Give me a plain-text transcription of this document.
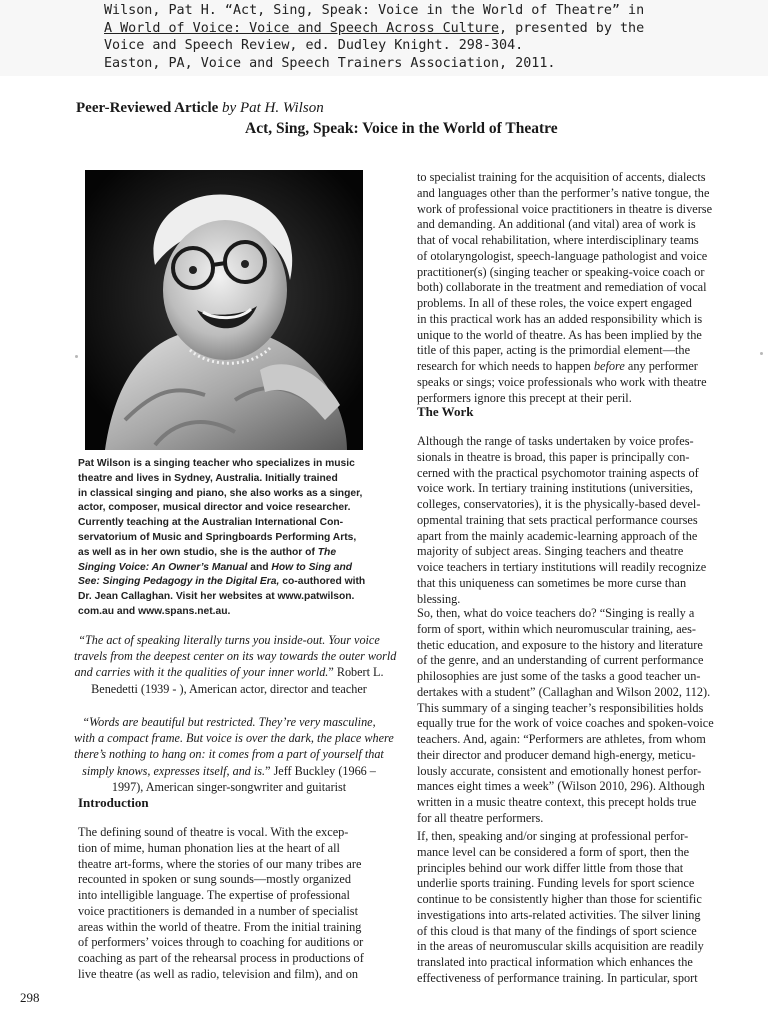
Wilson, Pat H. “Act, Sing, Speak: Voice in the World of Theatre” in
A World of Voice: Voice and Speech Across Culture, presented by the
Voice and Speech Review, ed. Dudley Knight. 298-304.
Easton, PA, Voice and Speech Trainers Association, 2011.
Peer-Reviewed Article by Pat H. Wilson
Act, Sing, Speak: Voice in the World of Theatre
Pat Wilson is a singing teacher who specializes in music
theatre and lives in Sydney, Australia. Initially trained
in classical singing and piano, she also works as a singer,
actor, composer, musical director and voice researcher.
Currently teaching at the Australian International Con-
servatorium of Music and Springboards Performing Arts,
as well as in her own studio, she is the author of The
Singing Voice: An Owner’s Manual and How to Sing and
See: Singing Pedagogy in the Digital Era, co-authored with
Dr. Jean Callaghan. Visit her websites at www.patwilson.
com.au and www.spans.net.au.
“The act of speaking literally turns you inside-out. Your voice
travels from the deepest center on its way towards the outer world
and carries with it the qualities of your inner world.” Robert L.
Benedetti (1939 - ), American actor, director and teacher
“Words are beautiful but restricted. They’re very masculine,
with a compact frame. But voice is over the dark, the place where
there’s nothing to hang on: it comes from a part of yourself that
simply knows, expresses itself, and is.” Jeff Buckley (1966 –
1997), American singer-songwriter and guitarist
Introduction
The defining sound of theatre is vocal. With the excep-
tion of mime, human phonation lies at the heart of all
theatre art-forms, where the stories of our many tribes are
recounted in spoken or sung sounds—mostly organized
into intelligible language. The expertise of professional
voice practitioners is demanded in a number of specialist
areas within the world of theatre. From the initial training
of performers’ voices through to coaching for auditions or
coaching as part of the rehearsal process in productions of
live theatre (as well as radio, television and film), and on
to specialist training for the acquisition of accents, dialects
and languages other than the performer’s native tongue, the
work of professional voice practitioners in theatre is diverse
and demanding. An additional (and vital) area of work is
that of vocal rehabilitation, where interdisciplinary teams
of otolaryngologist, speech-language pathologist and voice
practitioner(s) (singing teacher or speaking-voice coach or
both) collaborate in the treatment and remediation of vocal
problems. In all of these roles, the voice expert engaged
in this practical work has an added responsibility which is
unique to the world of theatre. As has been implied by the
title of this paper, acting is the primordial element—the
research for which needs to happen before any performer
speaks or sings; voice professionals who work with theatre
performers ignore this precept at their peril.
The Work
Although the range of tasks undertaken by voice profes-
sionals in theatre is broad, this paper is principally con-
cerned with the practical psychomotor training aspects of
voice work. In tertiary training institutions (universities,
colleges, conservatories), it is the physically-based devel-
opmental training that sets practical performance courses
apart from the mainly academic-learning approach of the
majority of subject areas. Singing teachers and theatre
voice teachers in tertiary institutions will readily recognize
that this uniqueness can sometimes be more curse than
blessing.
So, then, what do voice teachers do? “Singing is really a
form of sport, within which neuromuscular training, aes-
thetic education, and exposure to the history and literature
of the genre, and an understanding of current performance
philosophies are just some of the tasks a good teacher un-
dertakes with a student” (Callaghan and Wilson 2002, 112).
This summary of a singing teacher’s responsibilities holds
equally true for the work of voice coaches and spoken-voice
teachers. And, again: “Performers are athletes, from whom
their director and producer demand high-energy, meticu-
lously accurate, consistent and emotionally honest perfor-
mances eight times a week” (Wilson 2010, 296). Although
written in a music theatre context, this precept holds true
for all theatre performers.
If, then, speaking and/or singing at professional perfor-
mance level can be considered a form of sport, then the
principles behind our work differ little from those that
underlie sports training. Funding levels for sport science
continue to be consistently higher than those for scientific
investigations into arts-related activities. The silver lining
of this cloud is that many of the findings of sport science
in the areas of neuromuscular skills acquisition are readily
translated into practical information which enhances the
effectiveness of performance training. In particular, sport
298
